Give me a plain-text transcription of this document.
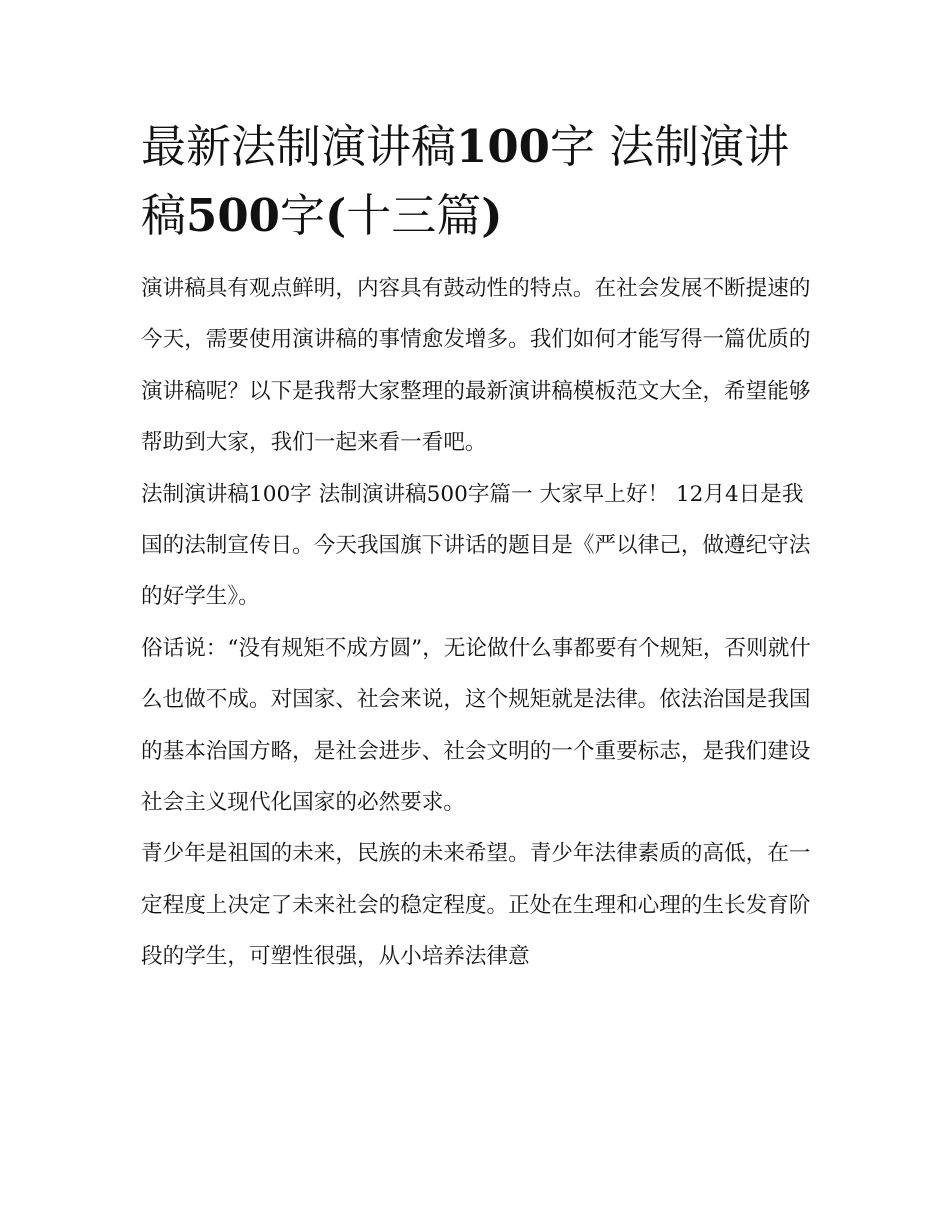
最新法制演讲稿100字 法制演讲稿500字(十三篇)

演讲稿具有观点鲜明，内容具有鼓动性的特点。在社会发展不断提速的今天，需要使用演讲稿的事情愈发增多。我们如何才能写得一篇优质的演讲稿呢？以下是我帮大家整理的最新演讲稿模板范文大全，希望能够帮助到大家，我们一起来看一看吧。

法制演讲稿100字 法制演讲稿500字篇一 大家早上好！ 12月4日是我国的法制宣传日。今天我国旗下讲话的题目是《严以律己，做遵纪守法的好学生》。

俗话说：“没有规矩不成方圆”，无论做什么事都要有个规矩，否则就什么也做不成。对国家、社会来说，这个规矩就是法律。依法治国是我国的基本治国方略，是社会进步、社会文明的一个重要标志，是我们建设社会主义现代化国家的必然要求。

青少年是祖国的未来，民族的未来希望。青少年法律素质的高低，在一定程度上决定了未来社会的稳定程度。正处在生理和心理的生长发育阶段的学生，可塑性很强，从小培养法律意
